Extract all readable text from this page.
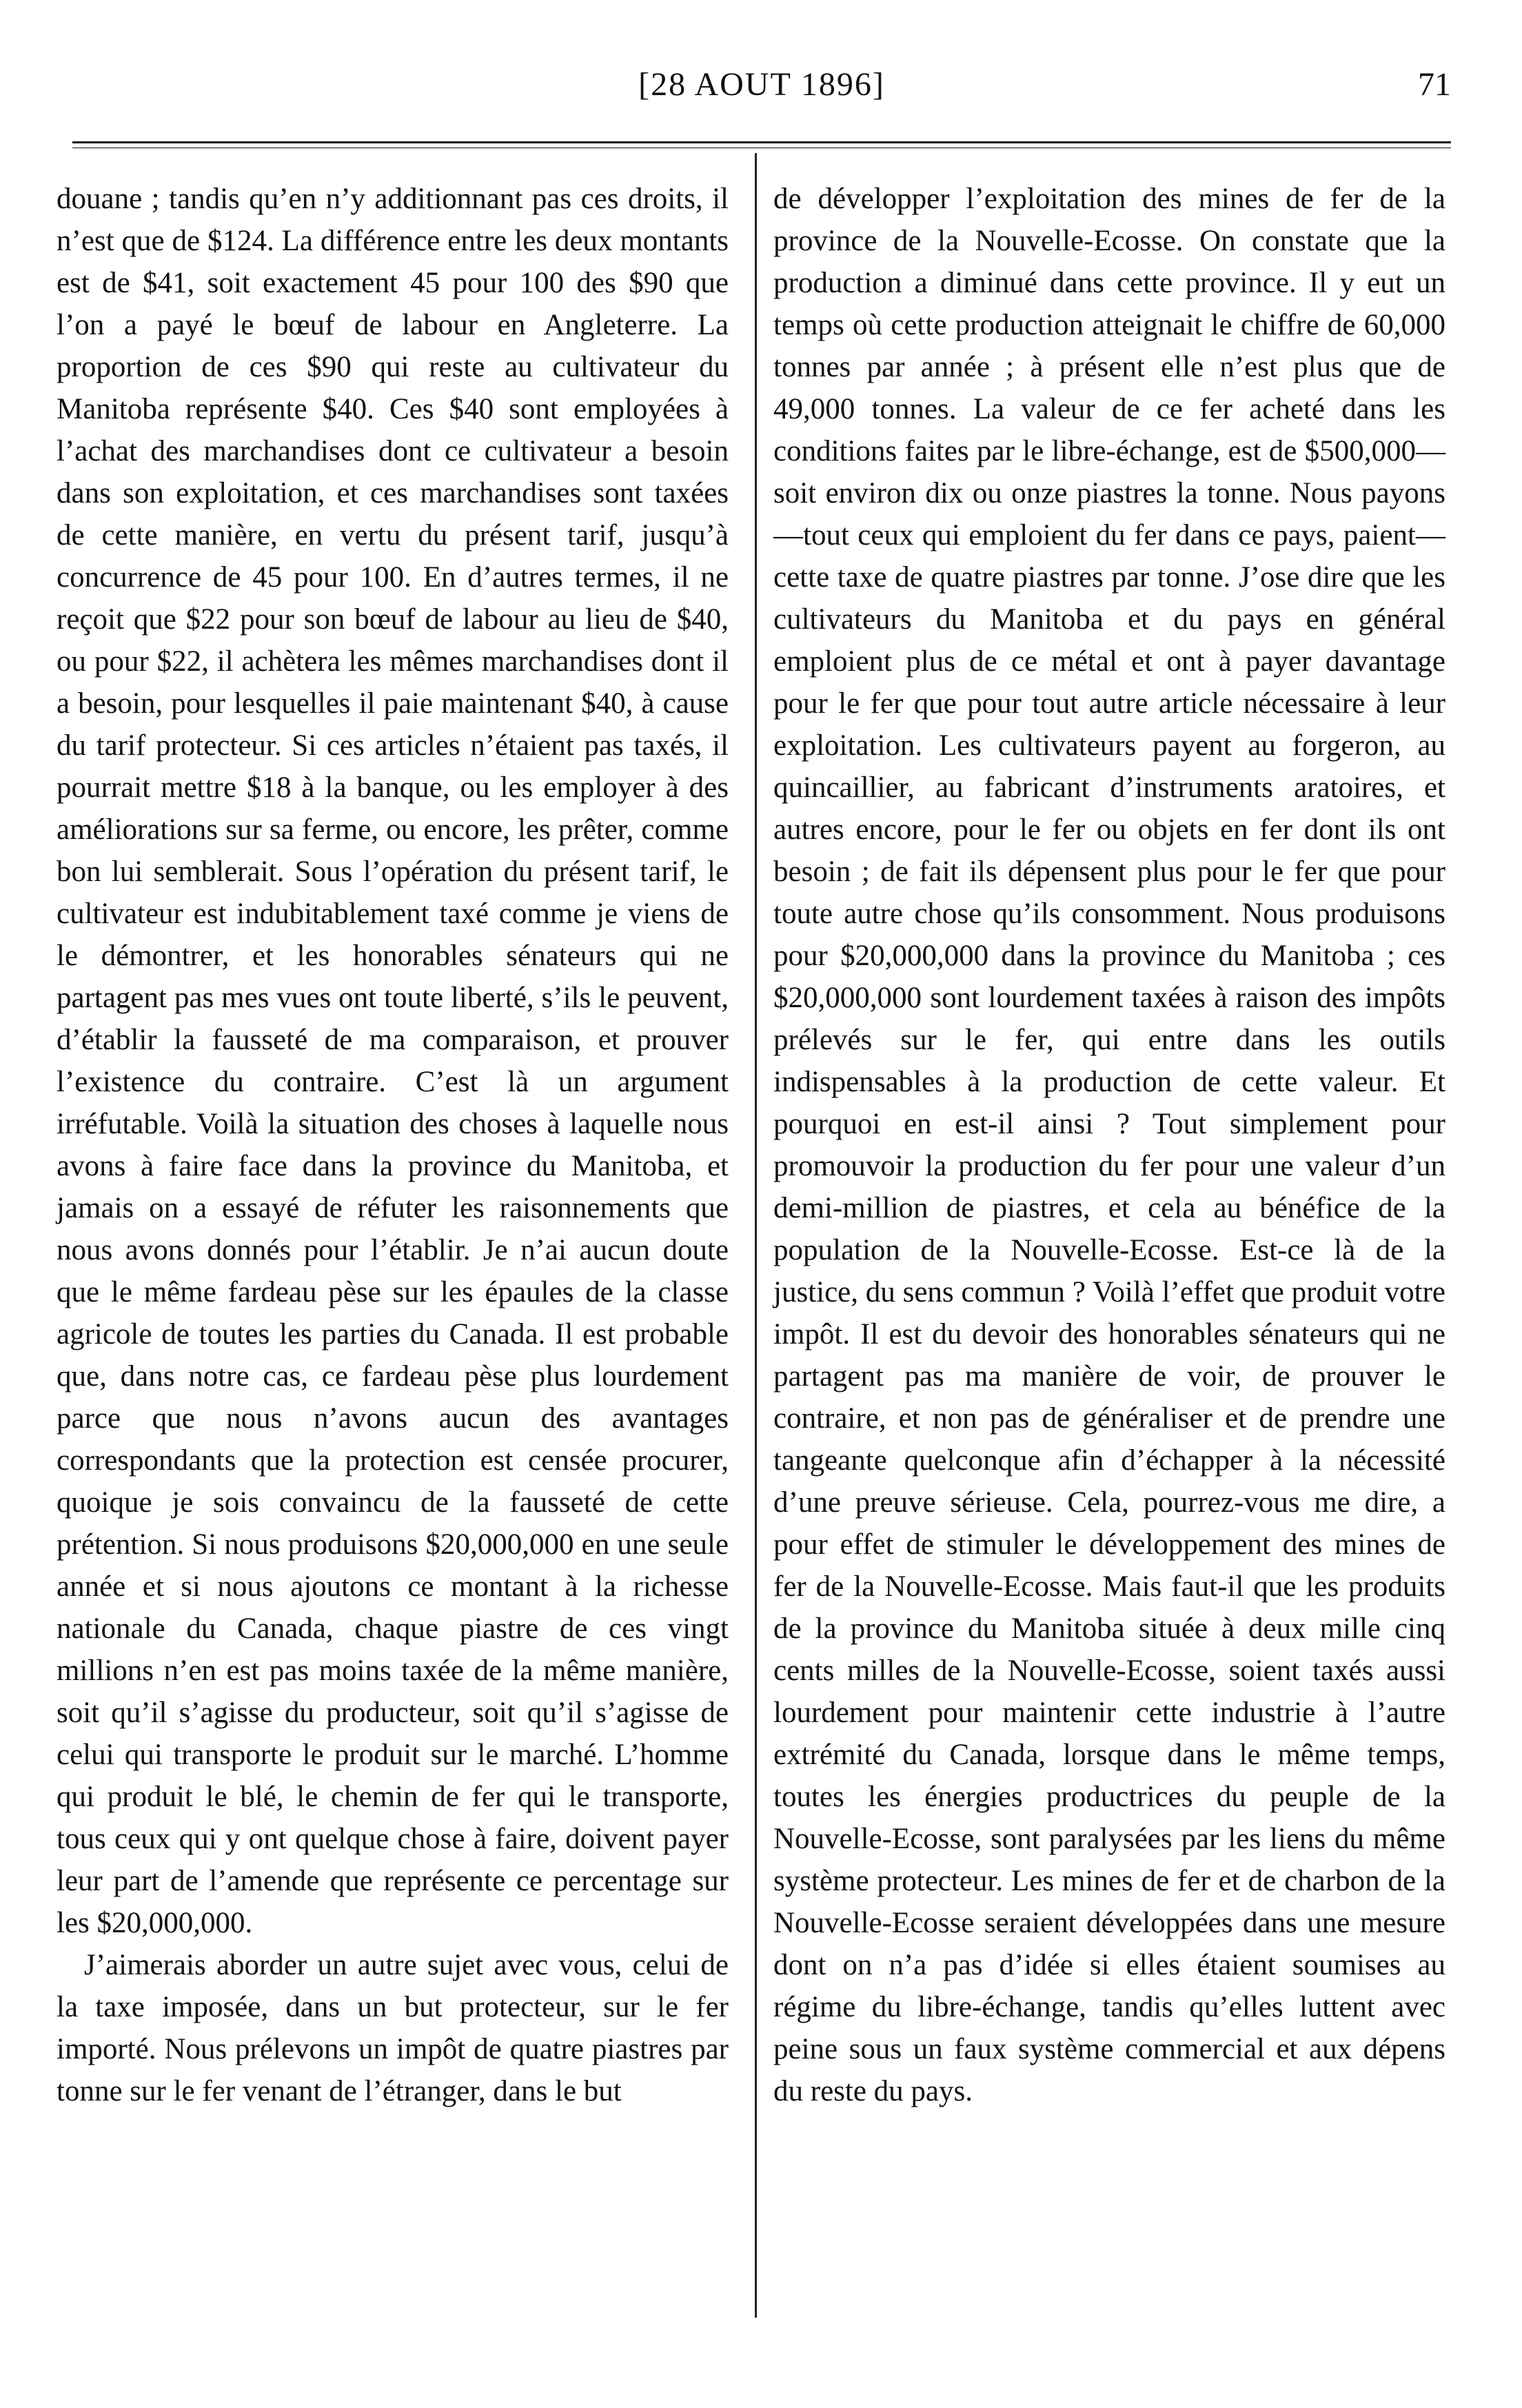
[28 AOUT 1896]	71

douane ; tandis qu’en n’y additionnant pas ces droits, il n’est que de $124. La différence entre les deux montants est de $41, soit exactement 45 pour 100 des $90 que l’on a payé le bœuf de labour en Angleterre. La proportion de ces $90 qui reste au cultivateur du Manitoba représente $40. Ces $40 sont employées à l’achat des marchandises dont ce cultivateur a besoin dans son exploitation, et ces marchandises sont taxées de cette manière, en vertu du présent tarif, jusqu’à concurrence de 45 pour 100. En d’autres termes, il ne reçoit que $22 pour son bœuf de labour au lieu de $40, ou pour $22, il achètera les mêmes marchandises dont il a besoin, pour lesquelles il paie maintenant $40, à cause du tarif protecteur. Si ces articles n’étaient pas taxés, il pourrait mettre $18 à la banque, ou les employer à des améliorations sur sa ferme, ou encore, les prêter, comme bon lui semblerait. Sous l’opération du présent tarif, le cultivateur est indubitablement taxé comme je viens de le démontrer, et les honorables sénateurs qui ne partagent pas mes vues ont toute liberté, s’ils le peuvent, d’établir la fausseté de ma comparaison, et prouver l’existence du contraire. C’est là un argument irréfutable. Voilà la situation des choses à laquelle nous avons à faire face dans la province du Manitoba, et jamais on a essayé de réfuter les raisonnements que nous avons donnés pour l’établir. Je n’ai aucun doute que le même fardeau pèse sur les épaules de la classe agricole de toutes les parties du Canada. Il est probable que, dans notre cas, ce fardeau pèse plus lourdement parce que nous n’avons aucun des avantages correspondants que la protection est censée procurer, quoique je sois convaincu de la fausseté de cette prétention. Si nous produisons $20,000,000 en une seule année et si nous ajoutons ce montant à la richesse nationale du Canada, chaque piastre de ces vingt millions n’en est pas moins taxée de la même manière, soit qu’il s’agisse du producteur, soit qu’il s’agisse de celui qui transporte le produit sur le marché. L’homme qui produit le blé, le chemin de fer qui le transporte, tous ceux qui y ont quelque chose à faire, doivent payer leur part de l’amende que représente ce percentage sur les $20,000,000.

J’aimerais aborder un autre sujet avec vous, celui de la taxe imposée, dans un but protecteur, sur le fer importé. Nous prélevons un impôt de quatre piastres par tonne sur le fer venant de l’étranger, dans le but

de développer l’exploitation des mines de fer de la province de la Nouvelle-Ecosse. On constate que la production a diminué dans cette province. Il y eut un temps où cette production atteignait le chiffre de 60,000 tonnes par année ; à présent elle n’est plus que de 49,000 tonnes. La valeur de ce fer acheté dans les conditions faites par le libre-échange, est de $500,000—soit environ dix ou onze piastres la tonne. Nous payons—tout ceux qui emploient du fer dans ce pays, paient—cette taxe de quatre piastres par tonne. J’ose dire que les cultivateurs du Manitoba et du pays en général emploient plus de ce métal et ont à payer davantage pour le fer que pour tout autre article nécessaire à leur exploitation. Les cultivateurs payent au forgeron, au quincaillier, au fabricant d’instruments aratoires, et autres encore, pour le fer ou objets en fer dont ils ont besoin ; de fait ils dépensent plus pour le fer que pour toute autre chose qu’ils consomment. Nous produisons pour $20,000,000 dans la province du Manitoba ; ces $20,000,000 sont lourdement taxées à raison des impôts prélevés sur le fer, qui entre dans les outils indispensables à la production de cette valeur. Et pourquoi en est-il ainsi ? Tout simplement pour promouvoir la production du fer pour une valeur d’un demi-million de piastres, et cela au bénéfice de la population de la Nouvelle-Ecosse. Est-ce là de la justice, du sens commun ? Voilà l’effet que produit votre impôt. Il est du devoir des honorables sénateurs qui ne partagent pas ma manière de voir, de prouver le contraire, et non pas de généraliser et de prendre une tangeante quelconque afin d’échapper à la nécessité d’une preuve sérieuse. Cela, pourrez-vous me dire, a pour effet de stimuler le développement des mines de fer de la Nouvelle-Ecosse. Mais faut-il que les produits de la province du Manitoba située à deux mille cinq cents milles de la Nouvelle-Ecosse, soient taxés aussi lourdement pour maintenir cette industrie à l’autre extrémité du Canada, lorsque dans le même temps, toutes les énergies productrices du peuple de la Nouvelle-Ecosse, sont paralysées par les liens du même système protecteur. Les mines de fer et de charbon de la Nouvelle-Ecosse seraient développées dans une mesure dont on n’a pas d’idée si elles étaient soumises au régime du libre-échange, tandis qu’elles luttent avec peine sous un faux système commercial et aux dépens du reste du pays.
